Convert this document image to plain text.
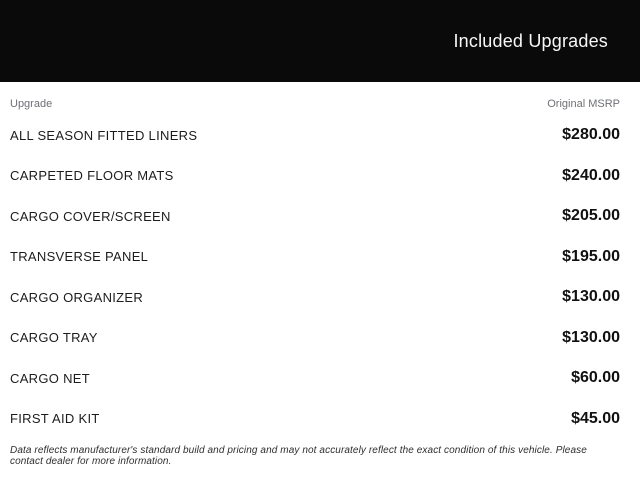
Included Upgrades
Upgrade	Original MSRP
ALL SEASON FITTED LINERS	$280.00
CARPETED FLOOR MATS	$240.00
CARGO COVER/SCREEN	$205.00
TRANSVERSE PANEL	$195.00
CARGO ORGANIZER	$130.00
CARGO TRAY	$130.00
CARGO NET	$60.00
FIRST AID KIT	$45.00
Data reflects manufacturer's standard build and pricing and may not accurately reflect the exact condition of this vehicle. Please contact dealer for more information.
